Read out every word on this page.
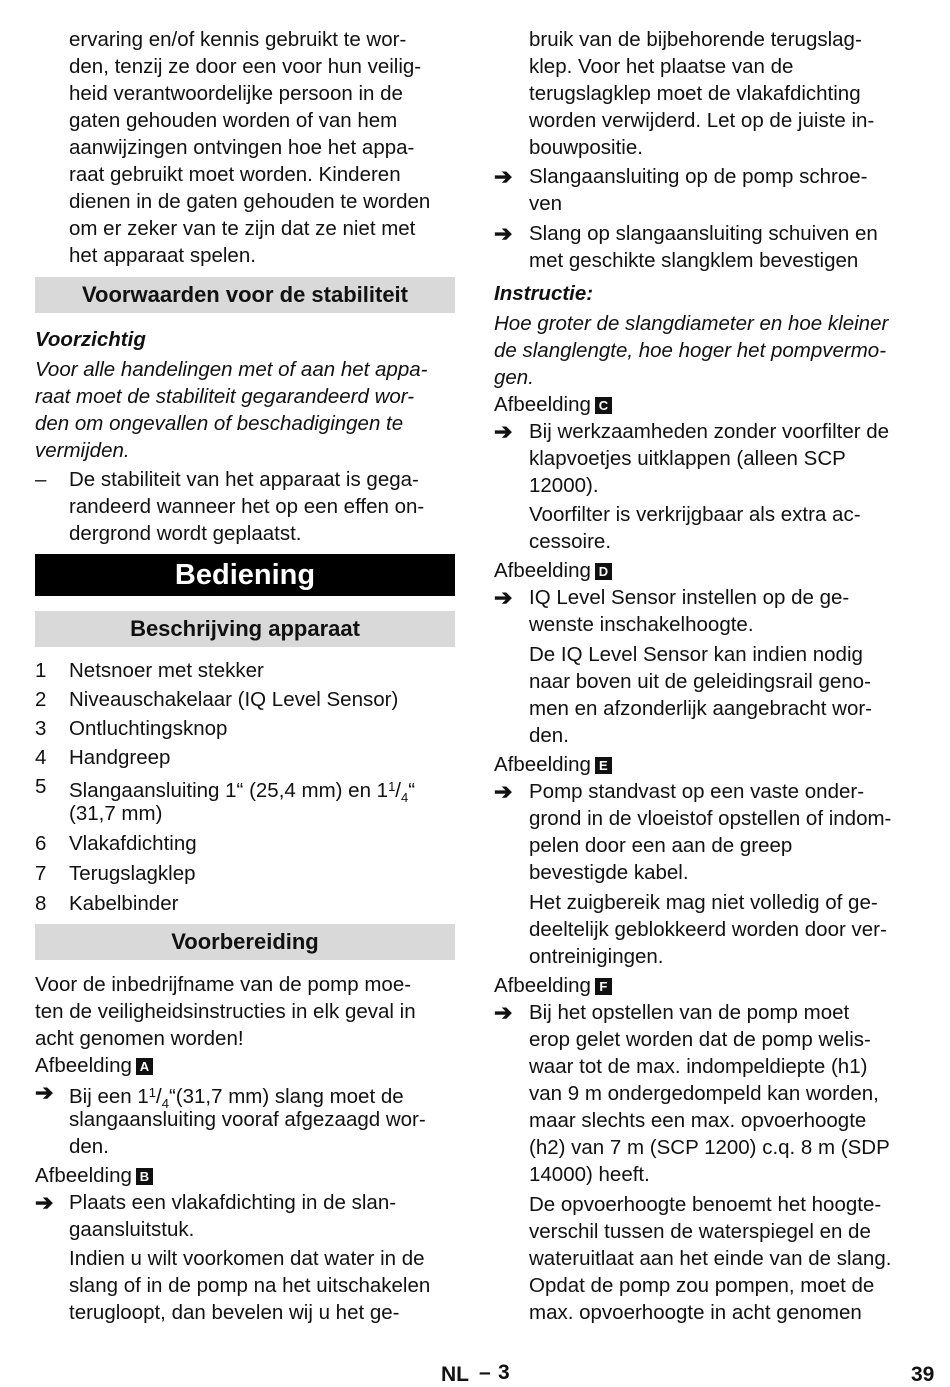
ervaring en/of kennis gebruikt te wor-
den, tenzij ze door een voor hun veilig-
heid verantwoordelijke persoon in de
gaten gehouden worden of van hem
aanwijzingen ontvingen hoe het appa-
raat gebruikt moet worden. Kinderen
dienen in de gaten gehouden te worden
om er zeker van te zijn dat ze niet met
het apparaat spelen.
Voorwaarden voor de stabiliteit
Voorzichtig
Voor alle handelingen met of aan het appa-
raat moet de stabiliteit gegarandeerd wor-
den om ongevallen of beschadigingen te
vermijden.
– De stabiliteit van het apparaat is gega-
randeerd wanneer het op een effen on-
dergrond wordt geplaatst.
Bediening
Beschrijving apparaat
1 Netsnoer met stekker
2 Niveauschakelaar (IQ Level Sensor)
3 Ontluchtingsknop
4 Handgreep
5 Slangaansluiting 1“ (25,4 mm) en $1^1/_4“$
(31,7 mm)
6 Vlakafdichting
7 Terugslagklep
8 Kabelbinder
Voorbereiding
Voor de inbedrijfname van de pomp moe-
ten de veiligheidsinstructies in elk geval in
acht genomen worden!
Afbeelding A
➔ Bij een $1^1/_4“(31,7$ mm) slang moet de
slangaansluiting vooraf afgezaagd wor-
den.
Afbeelding B
➔ Plaats een vlakafdichting in de slan-
gaansluitstuk.
Indien u wilt voorkomen dat water in de
slang of in de pomp na het uitschakelen
terugloopt, dan bevelen wij u het ge-
bruik van de bijbehorende terugslag-
klep. Voor het plaatse van de
terugslagklep moet de vlakafdichting
worden verwijderd. Let op de juiste in-
bouwpositie.
➔ Slangaansluiting op de pomp schroe-
ven
➔ Slang op slangaansluiting schuiven en
met geschikte slangklem bevestigen
Instructie:
Hoe groter de slangdiameter en hoe kleiner
de slanglengte, hoe hoger het pompvermo-
gen.
Afbeelding C
➔ Bij werkzaamheden zonder voorfilter de
klapvoetjes uitklappen (alleen SCP
12000).
Voorfilter is verkrijgbaar als extra ac-
cessoire.
Afbeelding D
➔ IQ Level Sensor instellen op de ge-
wenste inschakelhoogte.
De IQ Level Sensor kan indien nodig
naar boven uit de geleidingsrail geno-
men en afzonderlijk aangebracht wor-
den.
Afbeelding E
➔ Pomp standvast op een vaste onder-
grond in de vloeistof opstellen of indom-
pelen door een aan de greep
bevestigde kabel.
Het zuigbereik mag niet volledig of ge-
deeltelijk geblokkeerd worden door ver-
ontreinigingen.
Afbeelding F
➔ Bij het opstellen van de pomp moet
erop gelet worden dat de pomp welis-
waar tot de max. indompeldiepte (h1)
van 9 m ondergedompeld kan worden,
maar slechts een max. opvoerhoogte
(h2) van 7 m (SCP 1200) c.q. 8 m (SDP
14000) heeft.
De opvoerhoogte benoemt het hoogte-
verschil tussen de waterspiegel en de
wateruitlaat aan het einde van de slang.
Opdat de pomp zou pompen, moet de
max. opvoerhoogte in acht genomen
NL – 3	39
